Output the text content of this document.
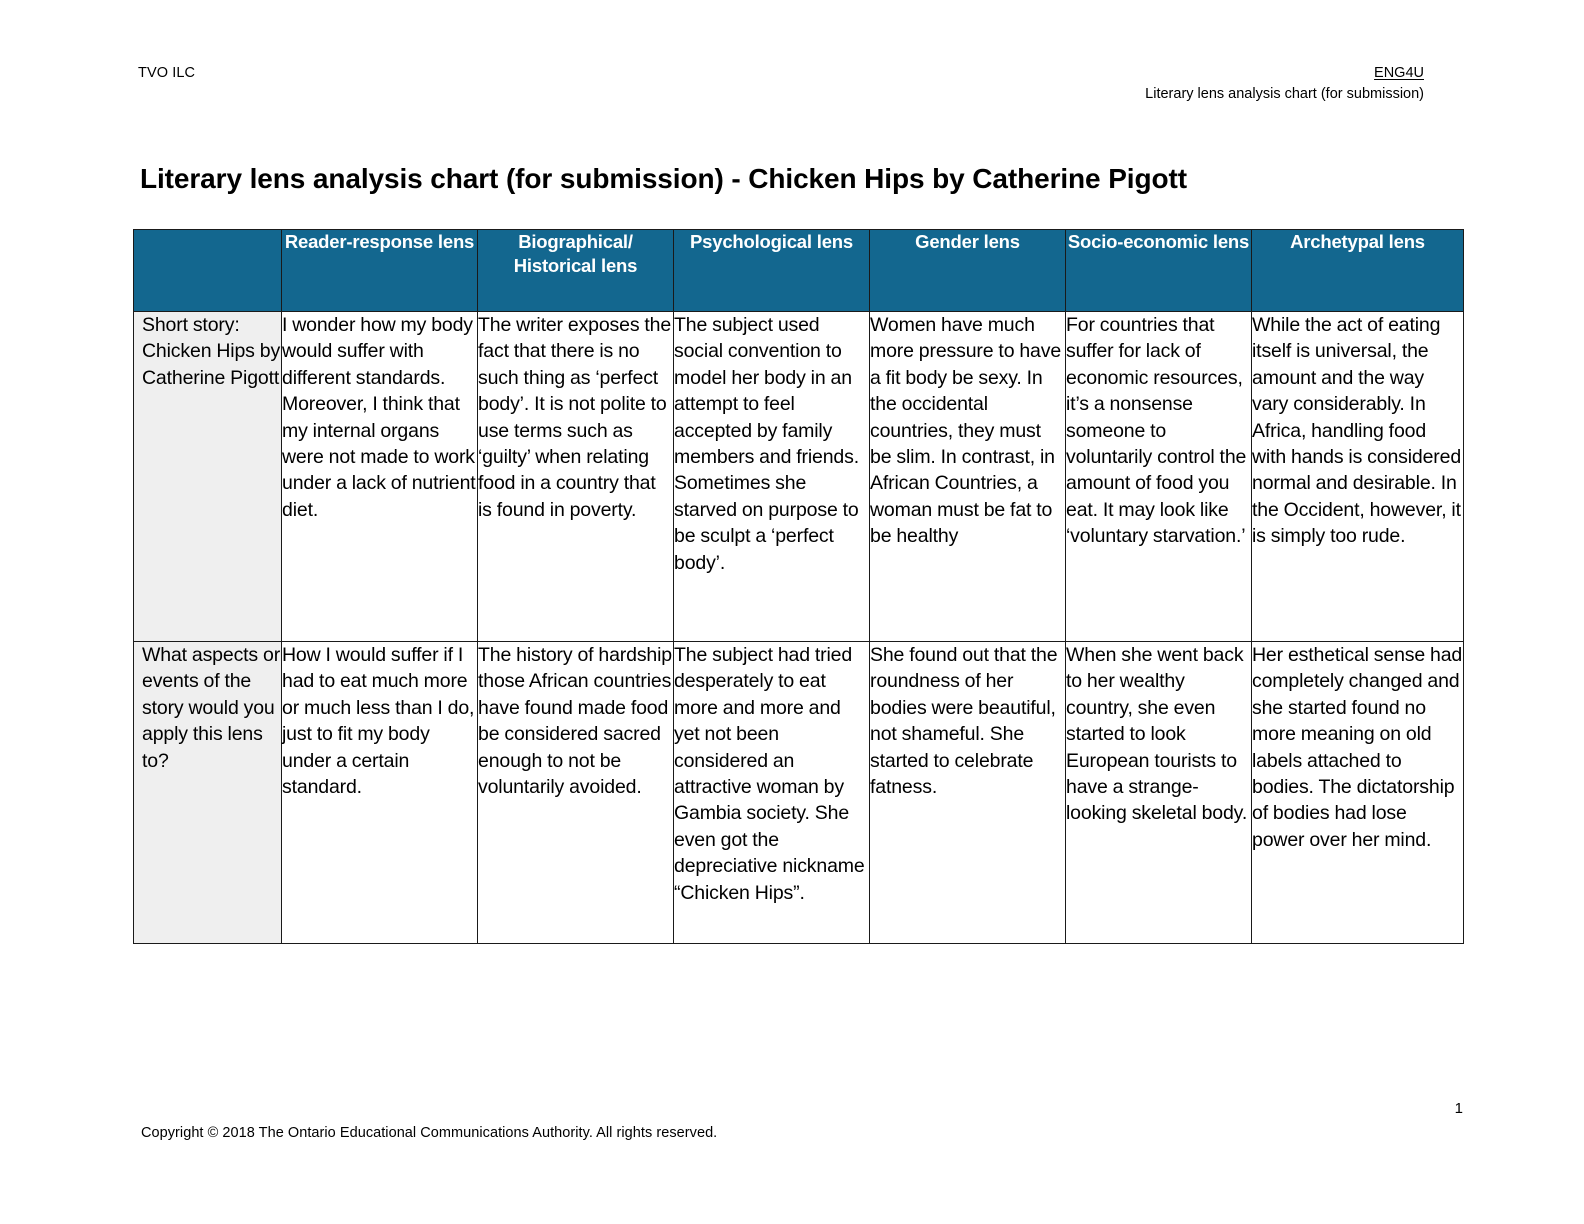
TVO ILC	ENG4U
Literary lens analysis chart (for submission)
Literary lens analysis chart (for submission) - Chicken Hips by Catherine Pigott
	Reader-response lens	Biographical/ Historical lens	Psychological lens	Gender lens	Socio-economic lens	Archetypal lens
Short story: Chicken Hips by Catherine Pigott	I wonder how my body would suffer with different standards. Moreover, I think that my internal organs were not made to work under a lack of nutrient diet.	The writer exposes the fact that there is no such thing as ‘perfect body’. It is not polite to use terms such as ‘guilty’ when relating food in a country that is found in poverty.	The subject used social convention to model her body in an attempt to feel accepted by family members and friends. Sometimes she starved on purpose to be sculpt a ‘perfect body’.	Women have much more pressure to have a fit body be sexy. In the occidental countries, they must be slim. In contrast, in African Countries, a woman must be fat to be healthy	For countries that suffer for lack of economic resources, it’s a nonsense someone to voluntarily control the amount of food you eat. It may look like ‘voluntary starvation.’	While the act of eating itself is universal, the amount and the way vary considerably. In Africa, handling food with hands is considered normal and desirable. In the Occident, however, it is simply too rude.
What aspects or events of the story would you apply this lens to?	How I would suffer if I had to eat much more or much less than I do, just to fit my body under a certain standard.	The history of hardship those African countries have found made food be considered sacred enough to not be voluntarily avoided.	The subject had tried desperately to eat more and more and yet not been considered an attractive woman by Gambia society. She even got the depreciative nickname “Chicken Hips”.	She found out that the roundness of her bodies were beautiful, not shameful. She started to celebrate fatness.	When she went back to her wealthy country, she even started to look European tourists to have a strange-looking skeletal body.	Her esthetical sense had completely changed and she started found no more meaning on old labels attached to bodies. The dictatorship of bodies had lose power over her mind.
1
Copyright © 2018 The Ontario Educational Communications Authority. All rights reserved.
